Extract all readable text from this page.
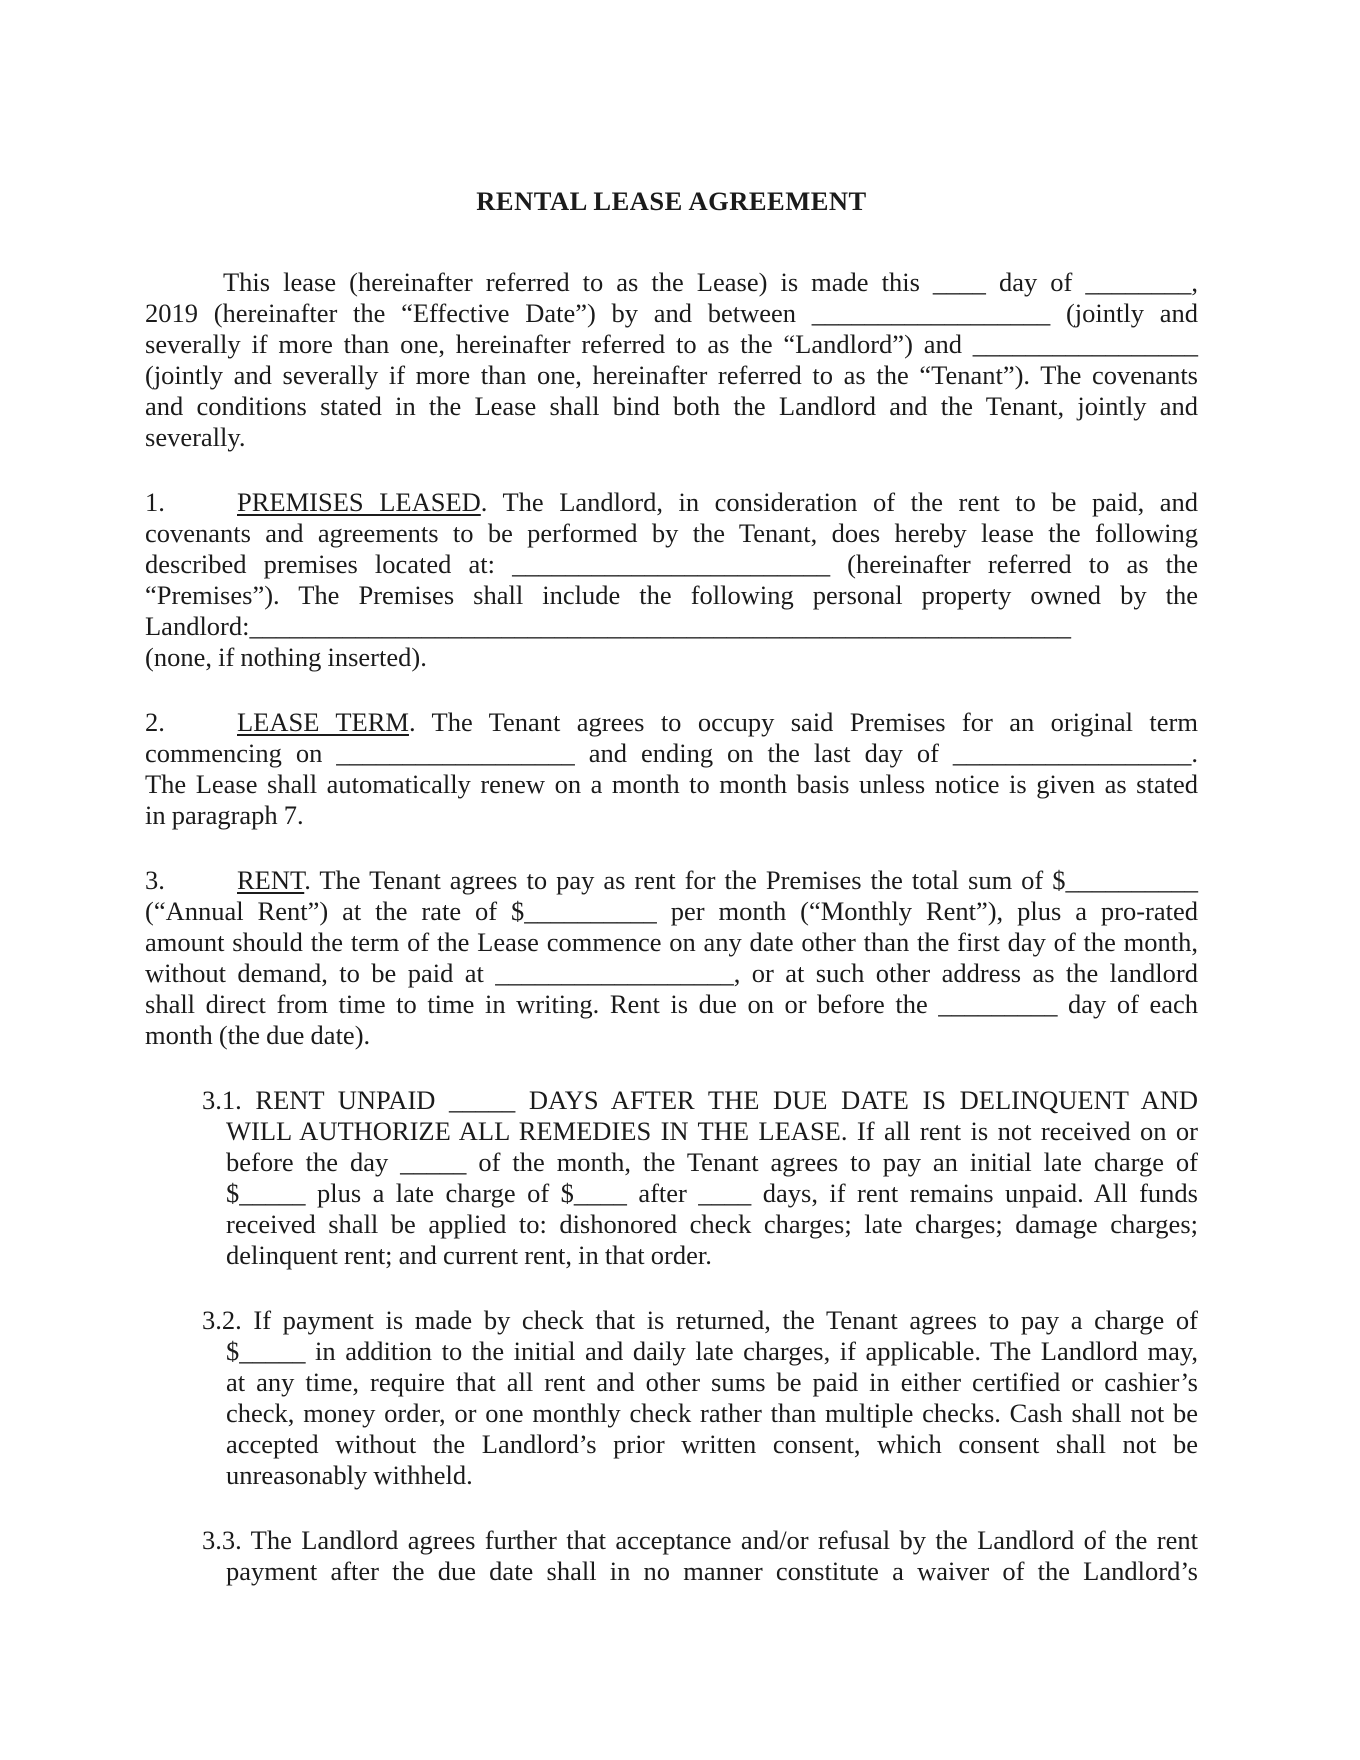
RENTAL LEASE AGREEMENT
This lease (hereinafter referred to as the Lease) is made this ____ day of ________,
2019 (hereinafter the “Effective Date”) by and between __________________ (jointly and
severally if more than one, hereinafter referred to as the “Landlord”) and _________________
(jointly and severally if more than one, hereinafter referred to as the “Tenant”). The covenants
and conditions stated in the Lease shall bind both the Landlord and the Tenant, jointly and
severally.
1.	PREMISES LEASED. The Landlord, in consideration of the rent to be paid, and
covenants and agreements to be performed by the Tenant, does hereby lease the following
described premises located at: ________________________ (hereinafter referred to as the
“Premises”). The Premises shall include the following personal property owned by the
Landlord:______________________________________________________________
(none, if nothing inserted).
2.	LEASE TERM. The Tenant agrees to occupy said Premises for an original term
commencing on __________________ and ending on the last day of __________________.
The Lease shall automatically renew on a month to month basis unless notice is given as stated
in paragraph 7.
3.	RENT. The Tenant agrees to pay as rent for the Premises the total sum of $__________
(“Annual Rent”) at the rate of $__________ per month (“Monthly Rent”), plus a pro-rated
amount should the term of the Lease commence on any date other than the first day of the month,
without demand, to be paid at __________________, or at such other address as the landlord
shall direct from time to time in writing. Rent is due on or before the _________ day of each
month (the due date).
3.1. RENT UNPAID _____ DAYS AFTER THE DUE DATE IS DELINQUENT AND
WILL AUTHORIZE ALL REMEDIES IN THE LEASE. If all rent is not received on or
before the day _____ of the month, the Tenant agrees to pay an initial late charge of
$_____ plus a late charge of $____ after ____ days, if rent remains unpaid. All funds
received shall be applied to: dishonored check charges; late charges; damage charges;
delinquent rent; and current rent, in that order.
3.2. If payment is made by check that is returned, the Tenant agrees to pay a charge of
$_____ in addition to the initial and daily late charges, if applicable. The Landlord may,
at any time, require that all rent and other sums be paid in either certified or cashier’s
check, money order, or one monthly check rather than multiple checks. Cash shall not be
accepted without the Landlord’s prior written consent, which consent shall not be
unreasonably withheld.
3.3. The Landlord agrees further that acceptance and/or refusal by the Landlord of the rent
payment after the due date shall in no manner constitute a waiver of the Landlord’s
